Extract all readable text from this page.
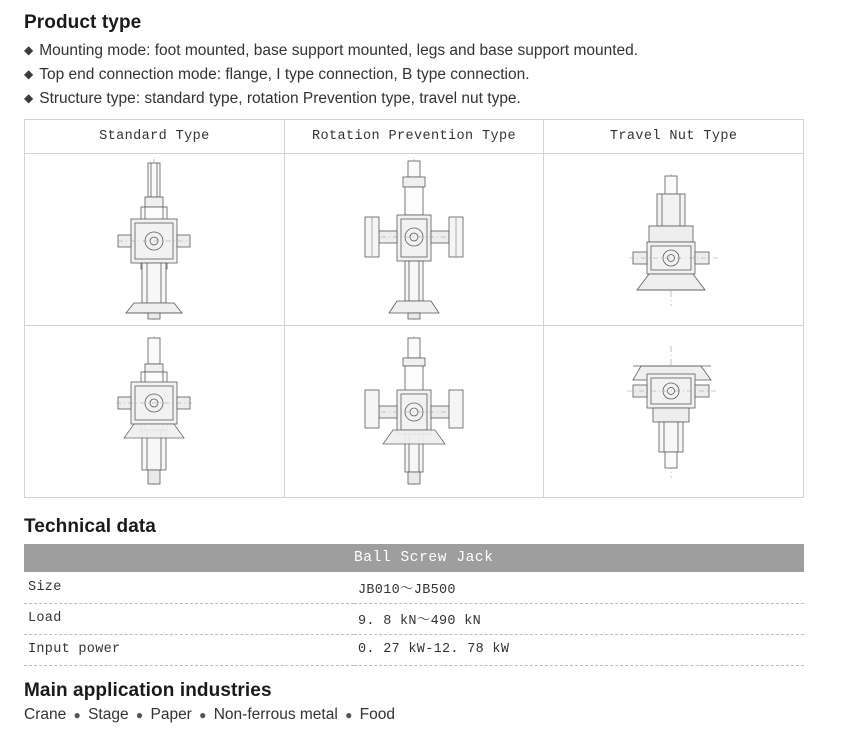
Product type
◆ Mounting mode: foot mounted, base support mounted, legs and base support mounted.
◆ Top end connection mode: flange, I type connection, B type connection.
◆ Structure type: standard type, rotation Prevention type, travel nut type.
Standard Type	Rotation Prevention Type	Travel Nut Type

Technical data
	Ball Screw Jack
Size	JB010～JB500
Load	9. 8 kN～490 kN
Input power	0. 27 kW-12. 78 kW
Main application industries
Crane ● Stage ● Paper ● Non-ferrous metal ● Food
